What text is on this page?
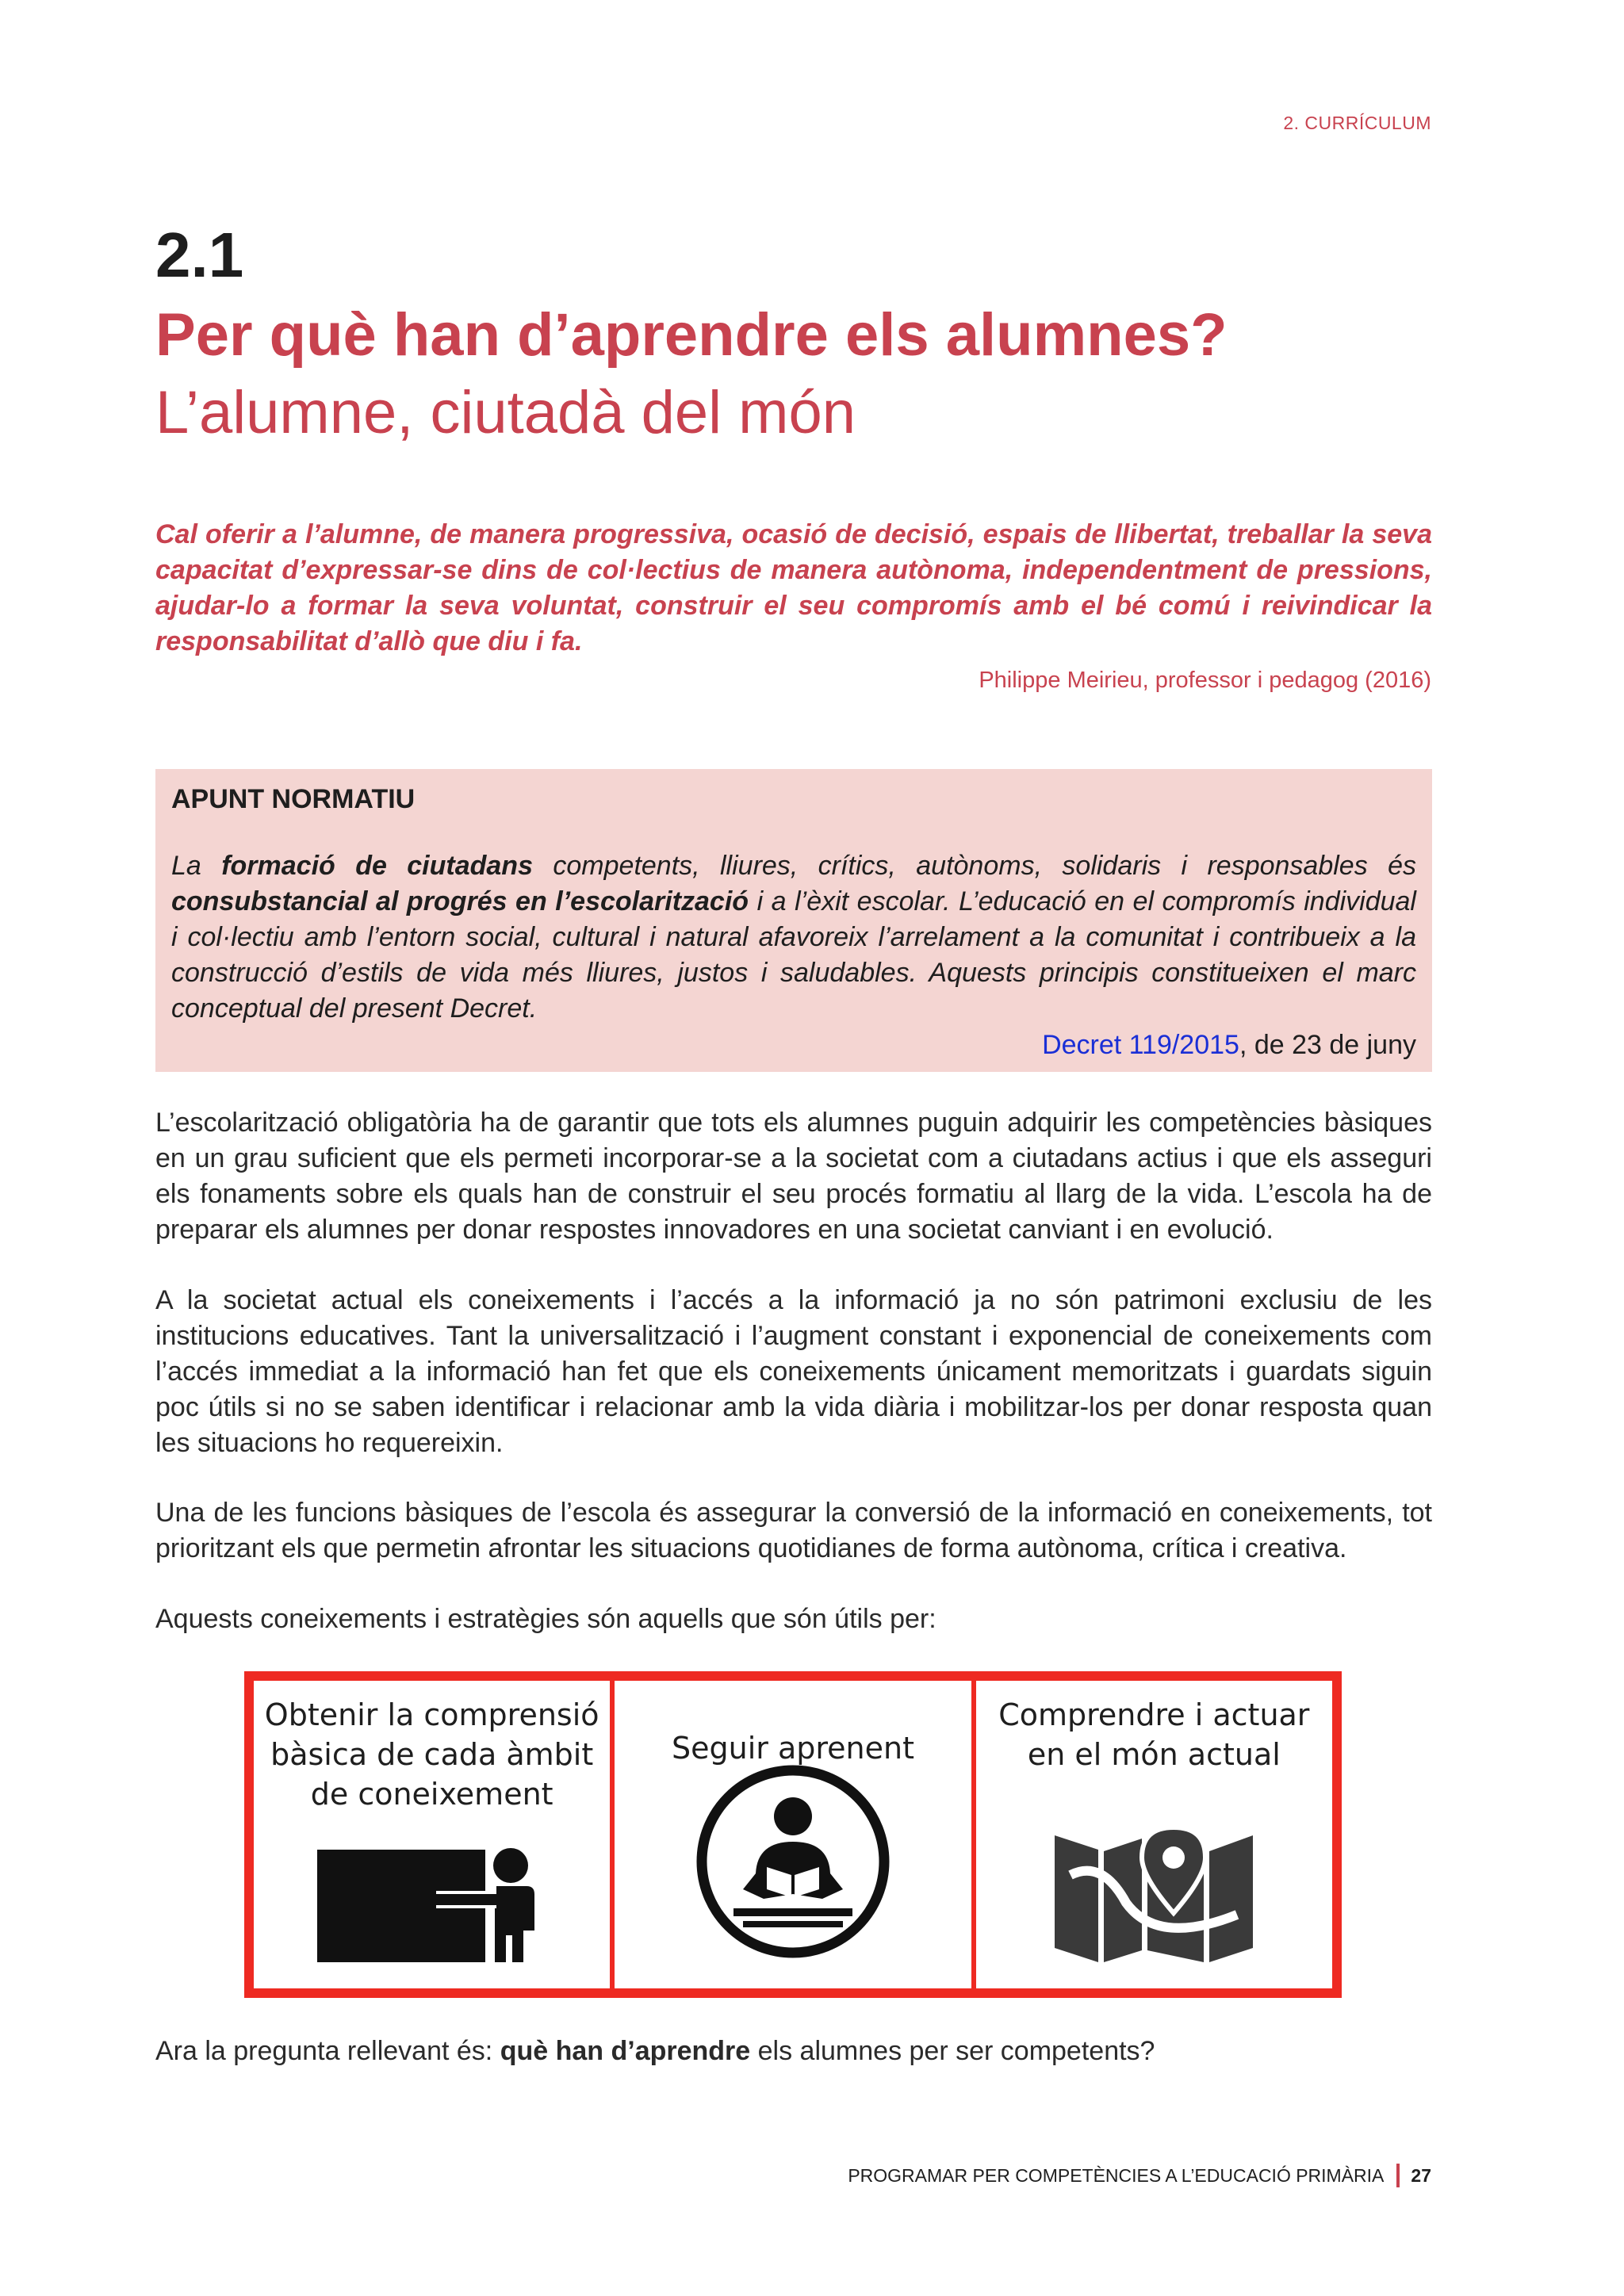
2. CURRÍCULUM
2.1
Per què han d’aprendre els alumnes?
L’alumne, ciutadà del món
Cal oferir a l’alumne, de manera progressiva, ocasió de decisió, espais de llibertat, treballar la seva capacitat d’expressar-se dins de col·lectius de manera autònoma, independentment de pressions, ajudar-lo a formar la seva voluntat, construir el seu compromís amb el bé comú i reivindicar la responsabilitat d’allò que diu i fa.
Philippe Meirieu, professor i pedagog (2016)
APUNT NORMATIU
La formació de ciutadans competents, lliures, crítics, autònoms, solidaris i responsables és consubstancial al progrés en l’escolarització i a l’èxit escolar. L’educació en el compromís individual i col·lectiu amb l’entorn social, cultural i natural afavoreix l’arrelament a la comunitat i contribueix a la construcció d’estils de vida més lliures, justos i saludables. Aquests principis constitueixen el marc conceptual del present Decret.
Decret 119/2015, de 23 de juny

L’escolarització obligatòria ha de garantir que tots els alumnes puguin adquirir les competències bàsiques en un grau suficient que els permeti incorporar-se a la societat com a ciutadans actius i que els asseguri els fonaments sobre els quals han de construir el seu procés formatiu al llarg de la vida. L’escola ha de preparar els alumnes per donar respostes innovadores en una societat canviant i en evolució.

A la societat actual els coneixements i l’accés a la informació ja no són patrimoni exclusiu de les institucions educatives. Tant la universalització i l’augment constant i exponencial de coneixements com l’accés immediat a la informació han fet que els coneixements únicament memoritzats i guardats siguin poc útils si no se saben identificar i relacionar amb la vida diària i mobilitzar-los per donar resposta quan les situacions ho requereixin.

Una de les funcions bàsiques de l’escola és assegurar la conversió de la informació en coneixements, tot prioritzant els que permetin afrontar les situacions quotidianes de forma autònoma, crítica i creativa.

Aquests coneixements i estratègies són aquells que són útils per:

Obtenir la comprensió
bàsica de cada àmbit
de coneixement
Seguir aprenent
Comprendre i actuar
en el món actual
Ara la pregunta rellevant és: què han d’aprendre els alumnes per ser competents?
PROGRAMAR PER COMPETÈNCIES A L’EDUCACIÓ PRIMÀRIA 27
